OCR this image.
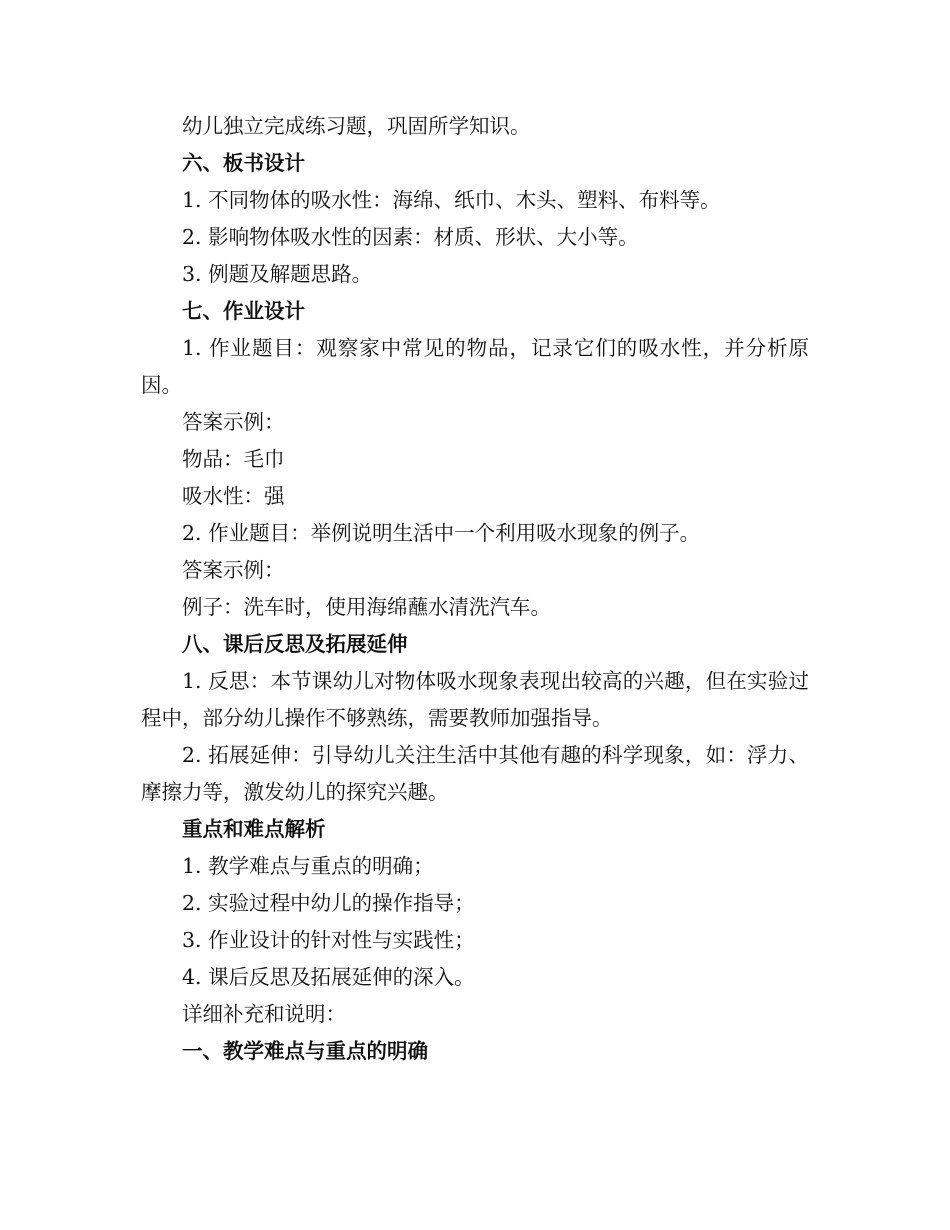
幼儿独立完成练习题，巩固所学知识。

六、板书设计

1. 不同物体的吸水性：海绵、纸巾、木头、塑料、布料等。

2. 影响物体吸水性的因素：材质、形状、大小等。

3. 例题及解题思路。

七、作业设计

1. 作业题目：观察家中常见的物品，记录它们的吸水性，并分析原因。

答案示例：

物品：毛巾

吸水性：强

2. 作业题目：举例说明生活中一个利用吸水现象的例子。

答案示例：

例子：洗车时，使用海绵蘸水清洗汽车。

八、课后反思及拓展延伸

1. 反思：本节课幼儿对物体吸水现象表现出较高的兴趣，但在实验过程中，部分幼儿操作不够熟练，需要教师加强指导。

2. 拓展延伸：引导幼儿关注生活中其他有趣的科学现象，如：浮力、摩擦力等，激发幼儿的探究兴趣。

重点和难点解析

1. 教学难点与重点的明确；

2. 实验过程中幼儿的操作指导；

3. 作业设计的针对性与实践性；

4. 课后反思及拓展延伸的深入。

详细补充和说明：

一、教学难点与重点的明确
